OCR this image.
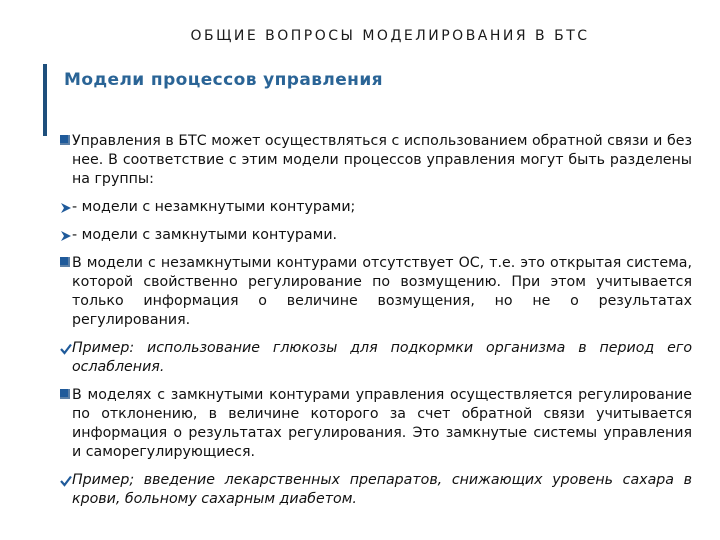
ОБЩИЕ ВОПРОСЫ МОДЕЛИРОВАНИЯ В БТС
Модели процессов управления
Управления в БТС может осуществляться с использованием обратной связи и без нее. В соответствие с этим модели процессов управления могут быть разделены на группы:
- модели с незамкнутыми контурами;
- модели с замкнутыми контурами.
В модели с незамкнутыми контурами отсутствует ОС, т.е. это открытая система, которой свойственно регулирование по возмущению. При этом учитывается только информация о величине возмущения, но не о результатах регулирования.
Пример: использование глюкозы для подкормки организма в период его ослабления.
В моделях с замкнутыми контурами управления осуществляется регулирование по отклонению, в величине которого за счет обратной связи учитывается информация о результатах регулирования. Это замкнутые системы управления и саморегулирующиеся.
Пример; введение лекарственных препаратов, снижающих уровень сахара в крови, больному сахарным диабетом.
